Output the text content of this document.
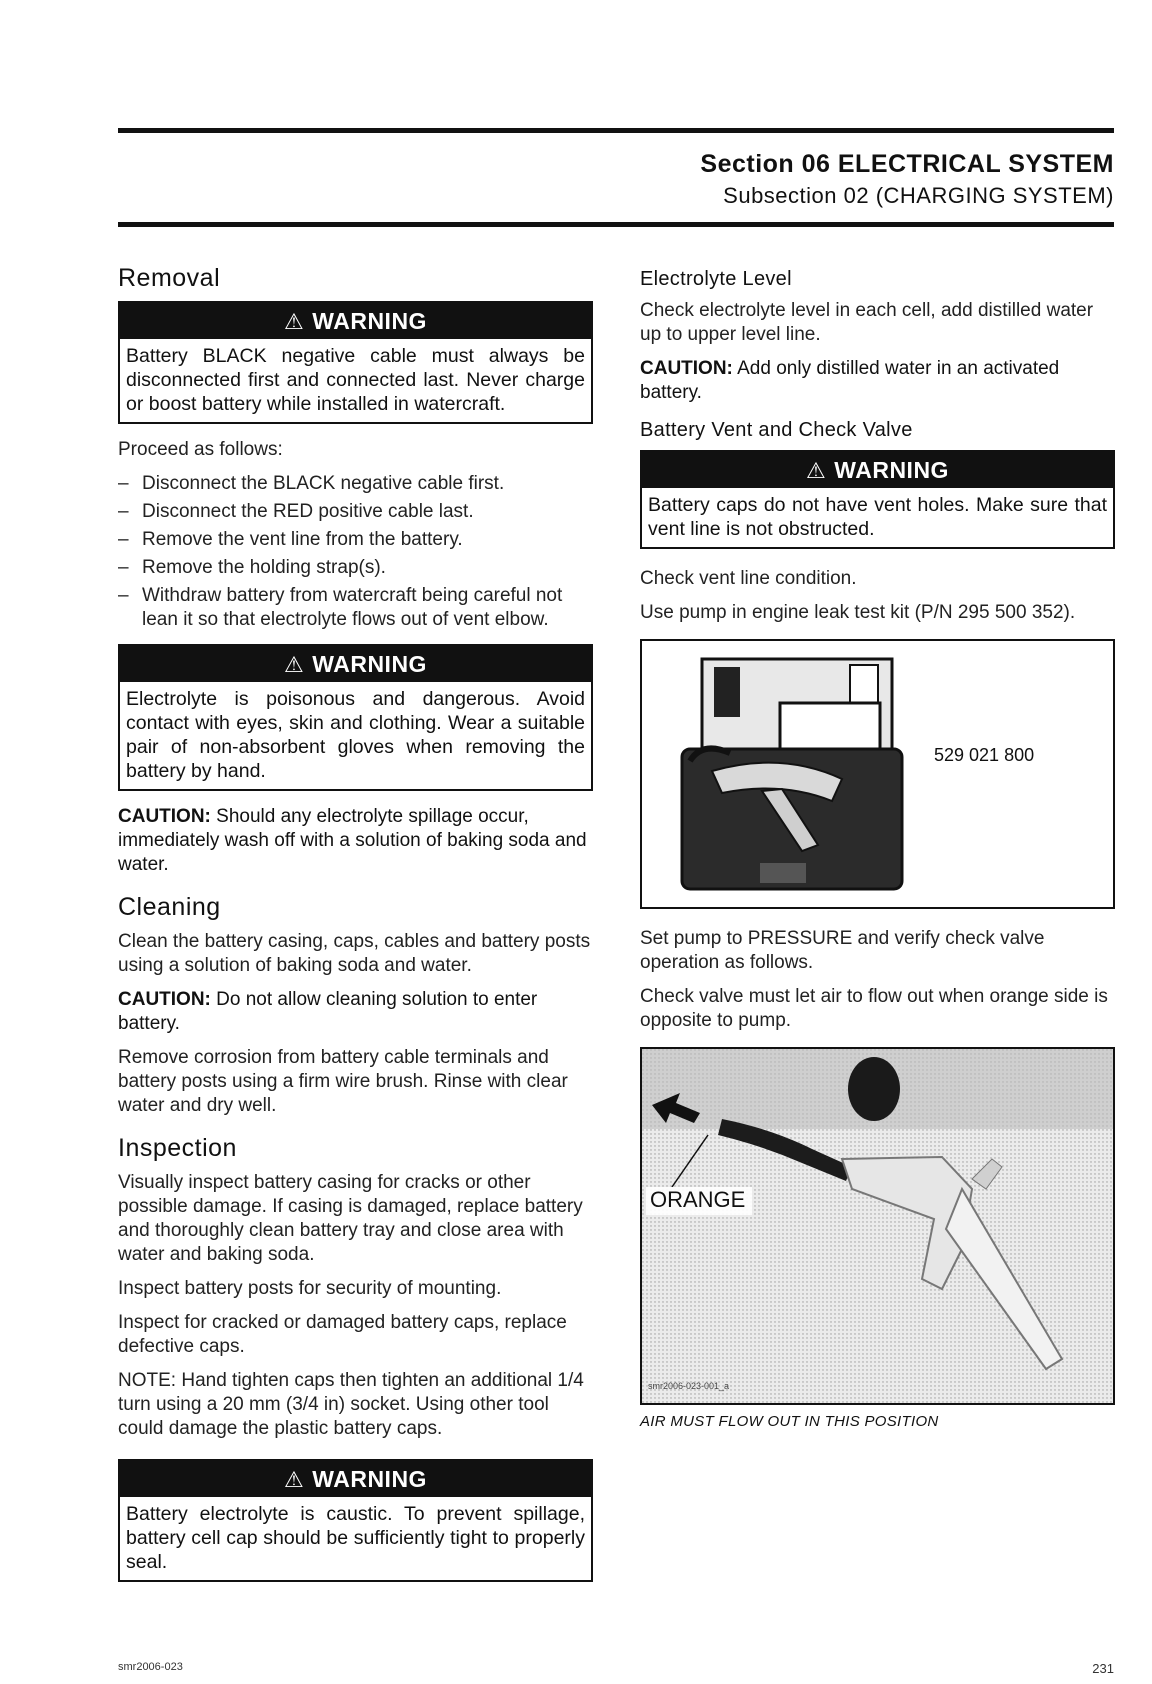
Section 06 ELECTRICAL SYSTEM
Subsection 02 (CHARGING SYSTEM)
Removal
⚠ WARNING
Battery BLACK negative cable must always be disconnected first and connected last. Never charge or boost battery while installed in watercraft.

Proceed as follows:

– Disconnect the BLACK negative cable first.
– Disconnect the RED positive cable last.
– Remove the vent line from the battery.
– Remove the holding strap(s).
– Withdraw battery from watercraft being careful not lean it so that electrolyte flows out of vent elbow.
⚠ WARNING
Electrolyte is poisonous and dangerous. Avoid contact with eyes, skin and clothing. Wear a suitable pair of non-absorbent gloves when removing the battery by hand.

CAUTION: Should any electrolyte spillage occur, immediately wash off with a solution of baking soda and water.

Cleaning

Clean the battery casing, caps, cables and battery posts using a solution of baking soda and water.

CAUTION: Do not allow cleaning solution to enter battery.

Remove corrosion from battery cable terminals and battery posts using a firm wire brush. Rinse with clear water and dry well.

Inspection

Visually inspect battery casing for cracks or other possible damage. If casing is damaged, replace battery and thoroughly clean battery tray and close area with water and baking soda.

Inspect battery posts for security of mounting.

Inspect for cracked or damaged battery caps, replace defective caps.

NOTE: Hand tighten caps then tighten an additional 1/4 turn using a 20 mm (3/4 in) socket. Using other tool could damage the plastic battery caps.

⚠ WARNING
Battery electrolyte is caustic. To prevent spillage, battery cell cap should be sufficiently tight to properly seal.
Electrolyte Level

Check electrolyte level in each cell, add distilled water up to upper level line.

CAUTION: Add only distilled water in an activated battery.

Battery Vent and Check Valve
⚠ WARNING
Battery caps do not have vent holes. Make sure that vent line is not obstructed.

Check vent line condition.

Use pump in engine leak test kit (P/N 295 500 352).

529 021 800

Set pump to PRESSURE and verify check valve operation as follows.

Check valve must let air to flow out when orange side is opposite to pump.

ORANGE
smr2006-023-001_a
AIR MUST FLOW OUT IN THIS POSITION
smr2006-023	231
